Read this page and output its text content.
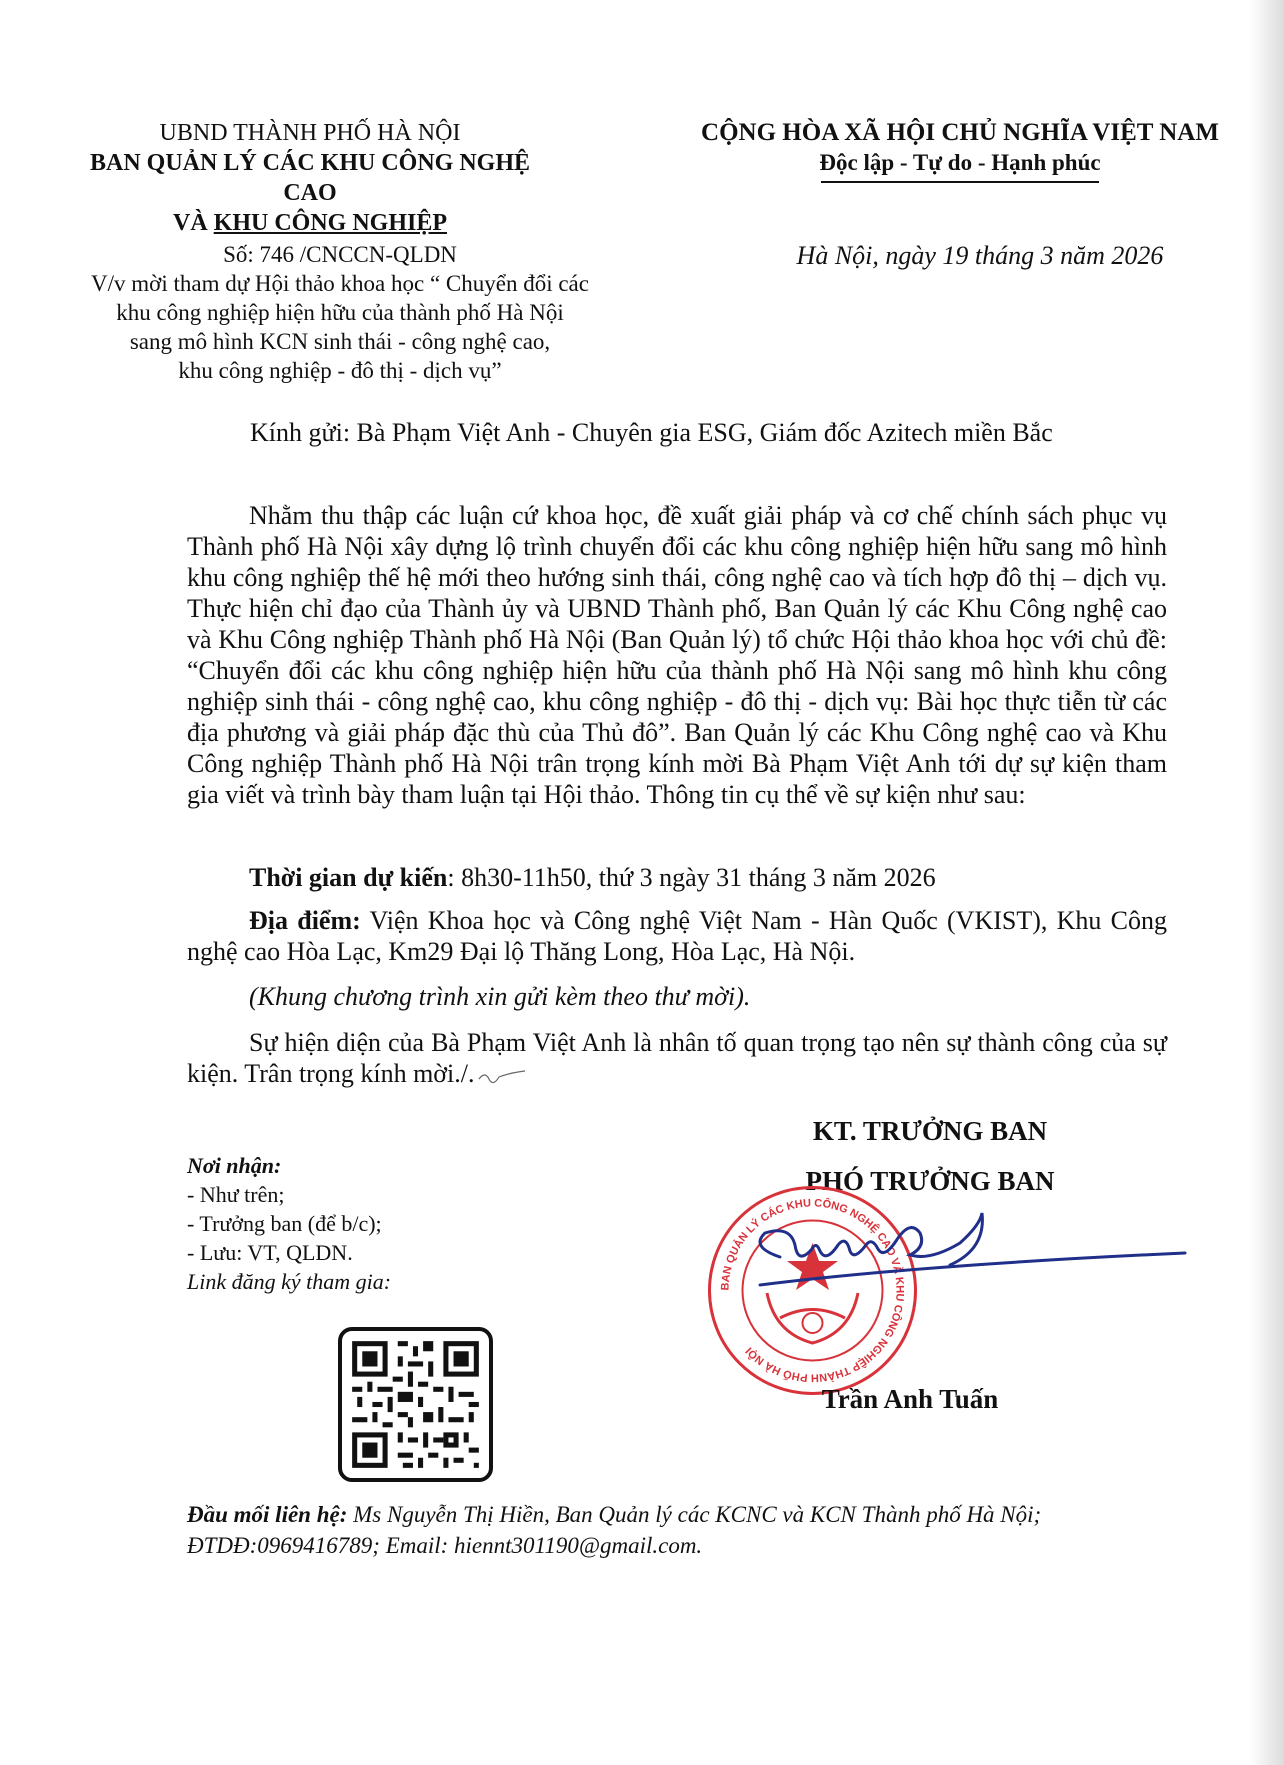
UBND THÀNH PHỐ HÀ NỘI
BAN QUẢN LÝ CÁC KHU CÔNG NGHỆ CAO
VÀ KHU CÔNG NGHIỆP
CỘNG HÒA XÃ HỘI CHỦ NGHĨA VIỆT NAM
Độc lập - Tự do - Hạnh phúc
Số: 746 /CNCCN-QLDN
V/v mời tham dự Hội thảo khoa học “ Chuyển đổi các
khu công nghiệp hiện hữu của thành phố Hà Nội
sang mô hình KCN sinh thái - công nghệ cao,
khu công nghiệp - đô thị - dịch vụ”
Hà Nội, ngày 19 tháng 3 năm 2026
Kính gửi: Bà Phạm Việt Anh - Chuyên gia ESG, Giám đốc Azitech miền Bắc
Nhằm thu thập các luận cứ khoa học, đề xuất giải pháp và cơ chế chính sách phục vụ Thành phố Hà Nội xây dựng lộ trình chuyển đổi các khu công nghiệp hiện hữu sang mô hình khu công nghiệp thế hệ mới theo hướng sinh thái, công nghệ cao và tích hợp đô thị – dịch vụ. Thực hiện chỉ đạo của Thành ủy và UBND Thành phố, Ban Quản lý các Khu Công nghệ cao và Khu Công nghiệp Thành phố Hà Nội (Ban Quản lý) tổ chức Hội thảo khoa học với chủ đề: “Chuyển đổi các khu công nghiệp hiện hữu của thành phố Hà Nội sang mô hình khu công nghiệp sinh thái - công nghệ cao, khu công nghiệp - đô thị - dịch vụ: Bài học thực tiễn từ các địa phương và giải pháp đặc thù của Thủ đô”. Ban Quản lý các Khu Công nghệ cao và Khu Công nghiệp Thành phố Hà Nội trân trọng kính mời Bà Phạm Việt Anh tới dự sự kiện tham gia viết và trình bày tham luận tại Hội thảo. Thông tin cụ thể về sự kiện như sau:
Thời gian dự kiến: 8h30-11h50, thứ 3 ngày 31 tháng 3 năm 2026
Địa điểm: Viện Khoa học và Công nghệ Việt Nam - Hàn Quốc (VKIST), Khu Công nghệ cao Hòa Lạc, Km29 Đại lộ Thăng Long, Hòa Lạc, Hà Nội.
(Khung chương trình xin gửi kèm theo thư mời).
Sự hiện diện của Bà Phạm Việt Anh là nhân tố quan trọng tạo nên sự thành công của sự kiện. Trân trọng kính mời./.
Nơi nhận:
- Như trên;
- Trưởng ban (để b/c);
- Lưu: VT, QLDN.
Link đăng ký tham gia:
KT. TRƯỞNG BAN
PHÓ TRƯỞNG BAN
BAN QUẢN LÝ CÁC KHU CÔNG NGHỆ CAO VÀ KHU CÔNG NGHIỆP THÀNH PHỐ HÀ NỘI
Trần Anh Tuấn
Đầu mối liên hệ: Ms Nguyễn Thị Hiền, Ban Quản lý các KCNC và KCN Thành phố Hà Nội;
ĐTDĐ:0969416789; Email: hiennt301190@gmail.com.
